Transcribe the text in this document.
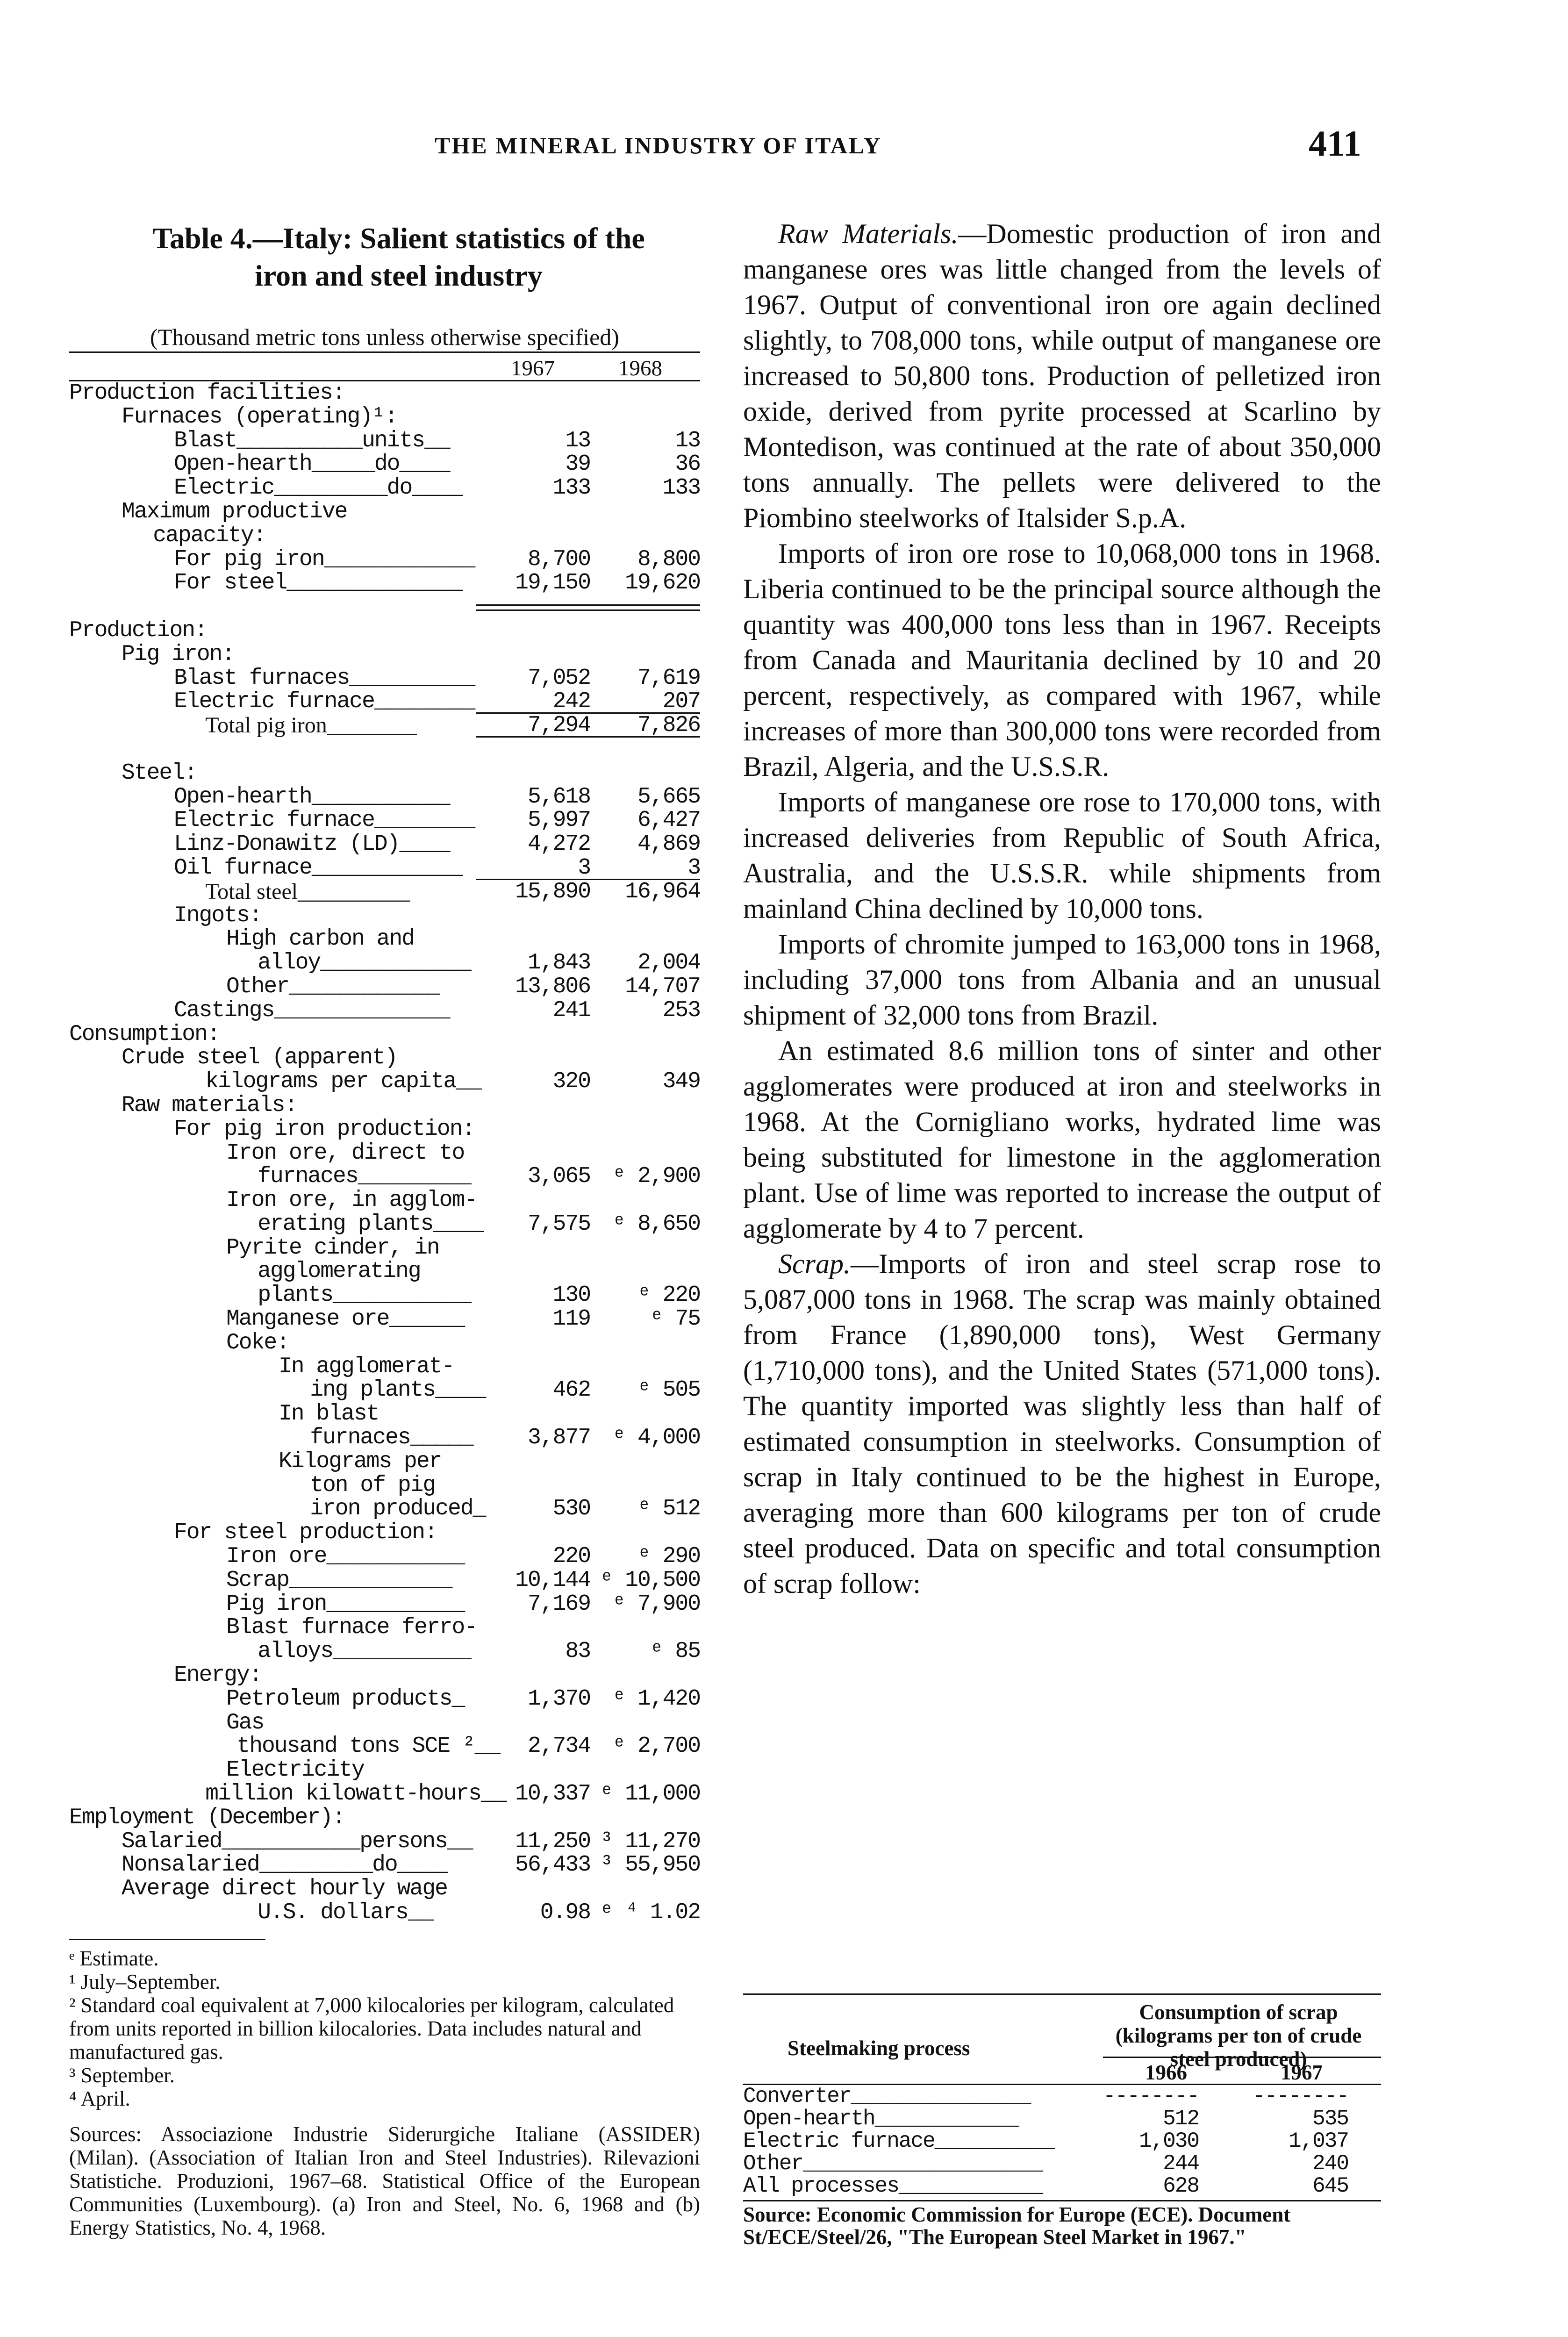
THE MINERAL INDUSTRY OF ITALY	411
Table 4.—Italy: Salient statistics of the
iron and steel industry
(Thousand metric tons unless otherwise specified)
1967	1968
Production facilities:
Furnaces (operating)¹:
Blast__________units__	13	13
Open-hearth_____do____	39	36
Electric_________do____	133	133
Maximum productive
capacity:
For pig iron____________ 8,700 8,800
For steel______________ 19,150 19,620
Production:
Pig iron:
Blast furnaces__________ 7,052 7,619
Electric furnace________	242	207
Total pig iron________	7,294 7,826
Steel:
Open-hearth___________	5,618 5,665
Electric furnace________ 5,997 6,427
Linz-Donawitz (LD)____	4,272 4,869
Oil furnace____________	3	3
Total steel__________	15,890 16,964
Ingots:
High carbon and
alloy____________	1,843 2,004
Other____________	13,806 14,707
Castings______________	241	253
Consumption:
Crude steel (apparent)
kilograms per capita__	320	349
Raw materials:
For pig iron production:
Iron ore, direct to
furnaces_________	3,065 ᵉ 2,900
Iron ore, in agglom-
erating plants____ 7,575 ᵉ 8,650
Pyrite cinder, in
agglomerating
plants___________	130 ᵉ 220
Manganese ore______	119	ᵉ 75
Coke:
In agglomerat-
ing plants____	462 ᵉ 505
In blast
furnaces_____ 3,877 ᵉ 4,000
Kilograms per
ton of pig
iron produced_	530 ᵉ 512
For steel production:
Iron ore___________	220 ᵉ 290
Scrap_____________	10,144 ᵉ 10,500
Pig iron___________	7,169 ᵉ 7,900
Blast furnace ferro-
alloys___________	83	ᵉ 85
Energy:
Petroleum products_	1,370 ᵉ 1,420
Gas
thousand tons SCE ²__ 2,734 ᵉ 2,700
Electricity
million kilowatt-hours__ 10,337 ᵉ 11,000
Employment (December):
Salaried___________persons__ 11,250 ³ 11,270
Nonsalaried_________do____	56,433 ³ 55,950
Average direct hourly wage
U.S. dollars__	0.98 ᵉ ⁴ 1.02

ᵉ Estimate.

¹ July–September.

² Standard coal equivalent at 7,000 kilocalories per kilogram, calculated from units reported in billion kilocalories. Data includes natural and manufactured gas.

³ September.

⁴ April.

Sources: Associazione Industrie Siderurgiche Italiane (ASSIDER) (Milan). (Association of Italian Iron and Steel Industries). Rilevazioni Statistiche. Produzioni, 1967–68. Statistical Office of the European Communities (Luxembourg). (a) Iron and Steel, No. 6, 1968 and (b) Energy Statistics, No. 4, 1968.

Raw Materials.—Domestic production of iron and manganese ores was little changed from the levels of 1967. Output of conventional iron ore again declined slightly, to 708,000 tons, while output of manganese ore increased to 50,800 tons. Production of pelletized iron oxide, derived from pyrite processed at Scarlino by Montedison, was continued at the rate of about 350,000 tons annually. The pellets were delivered to the Piombino steelworks of Italsider S.p.A.

Imports of iron ore rose to 10,068,000 tons in 1968. Liberia continued to be the principal source although the quantity was 400,000 tons less than in 1967. Receipts from Canada and Mauritania declined by 10 and 20 percent, respectively, as compared with 1967, while increases of more than 300,000 tons were recorded from Brazil, Algeria, and the U.S.S.R.

Imports of manganese ore rose to 170,000 tons, with increased deliveries from Republic of South Africa, Australia, and the U.S.S.R. while shipments from mainland China declined by 10,000 tons.

Imports of chromite jumped to 163,000 tons in 1968, including 37,000 tons from Albania and an unusual shipment of 32,000 tons from Brazil.

An estimated 8.6 million tons of sinter and other agglomerates were produced at iron and steelworks in 1968. At the Cornigliano works, hydrated lime was being substituted for limestone in the agglomeration plant. Use of lime was reported to increase the output of agglomerate by 4 to 7 percent.

Scrap.—Imports of iron and steel scrap rose to 5,087,000 tons in 1968. The scrap was mainly obtained from France (1,890,000 tons), West Germany (1,710,000 tons), and the United States (571,000 tons). The quantity imported was slightly less than half of estimated consumption in steelworks. Consumption of scrap in Italy continued to be the highest in Europe, averaging more than 600 kilograms per ton of crude steel produced. Data on specific and total consumption of scrap follow:

Steelmaking process
Consumption of scrap (kilograms per ton of crude steel produced)
1966	1967
Converter_______________	--------	--------
Open-hearth____________	512	535
Electric furnace__________	1,030	1,037
Other____________________	244	240
All processes____________	628	645
Source: Economic Commission for Europe (ECE). Document St/ECE/Steel/26, "The European Steel Market in 1967."
